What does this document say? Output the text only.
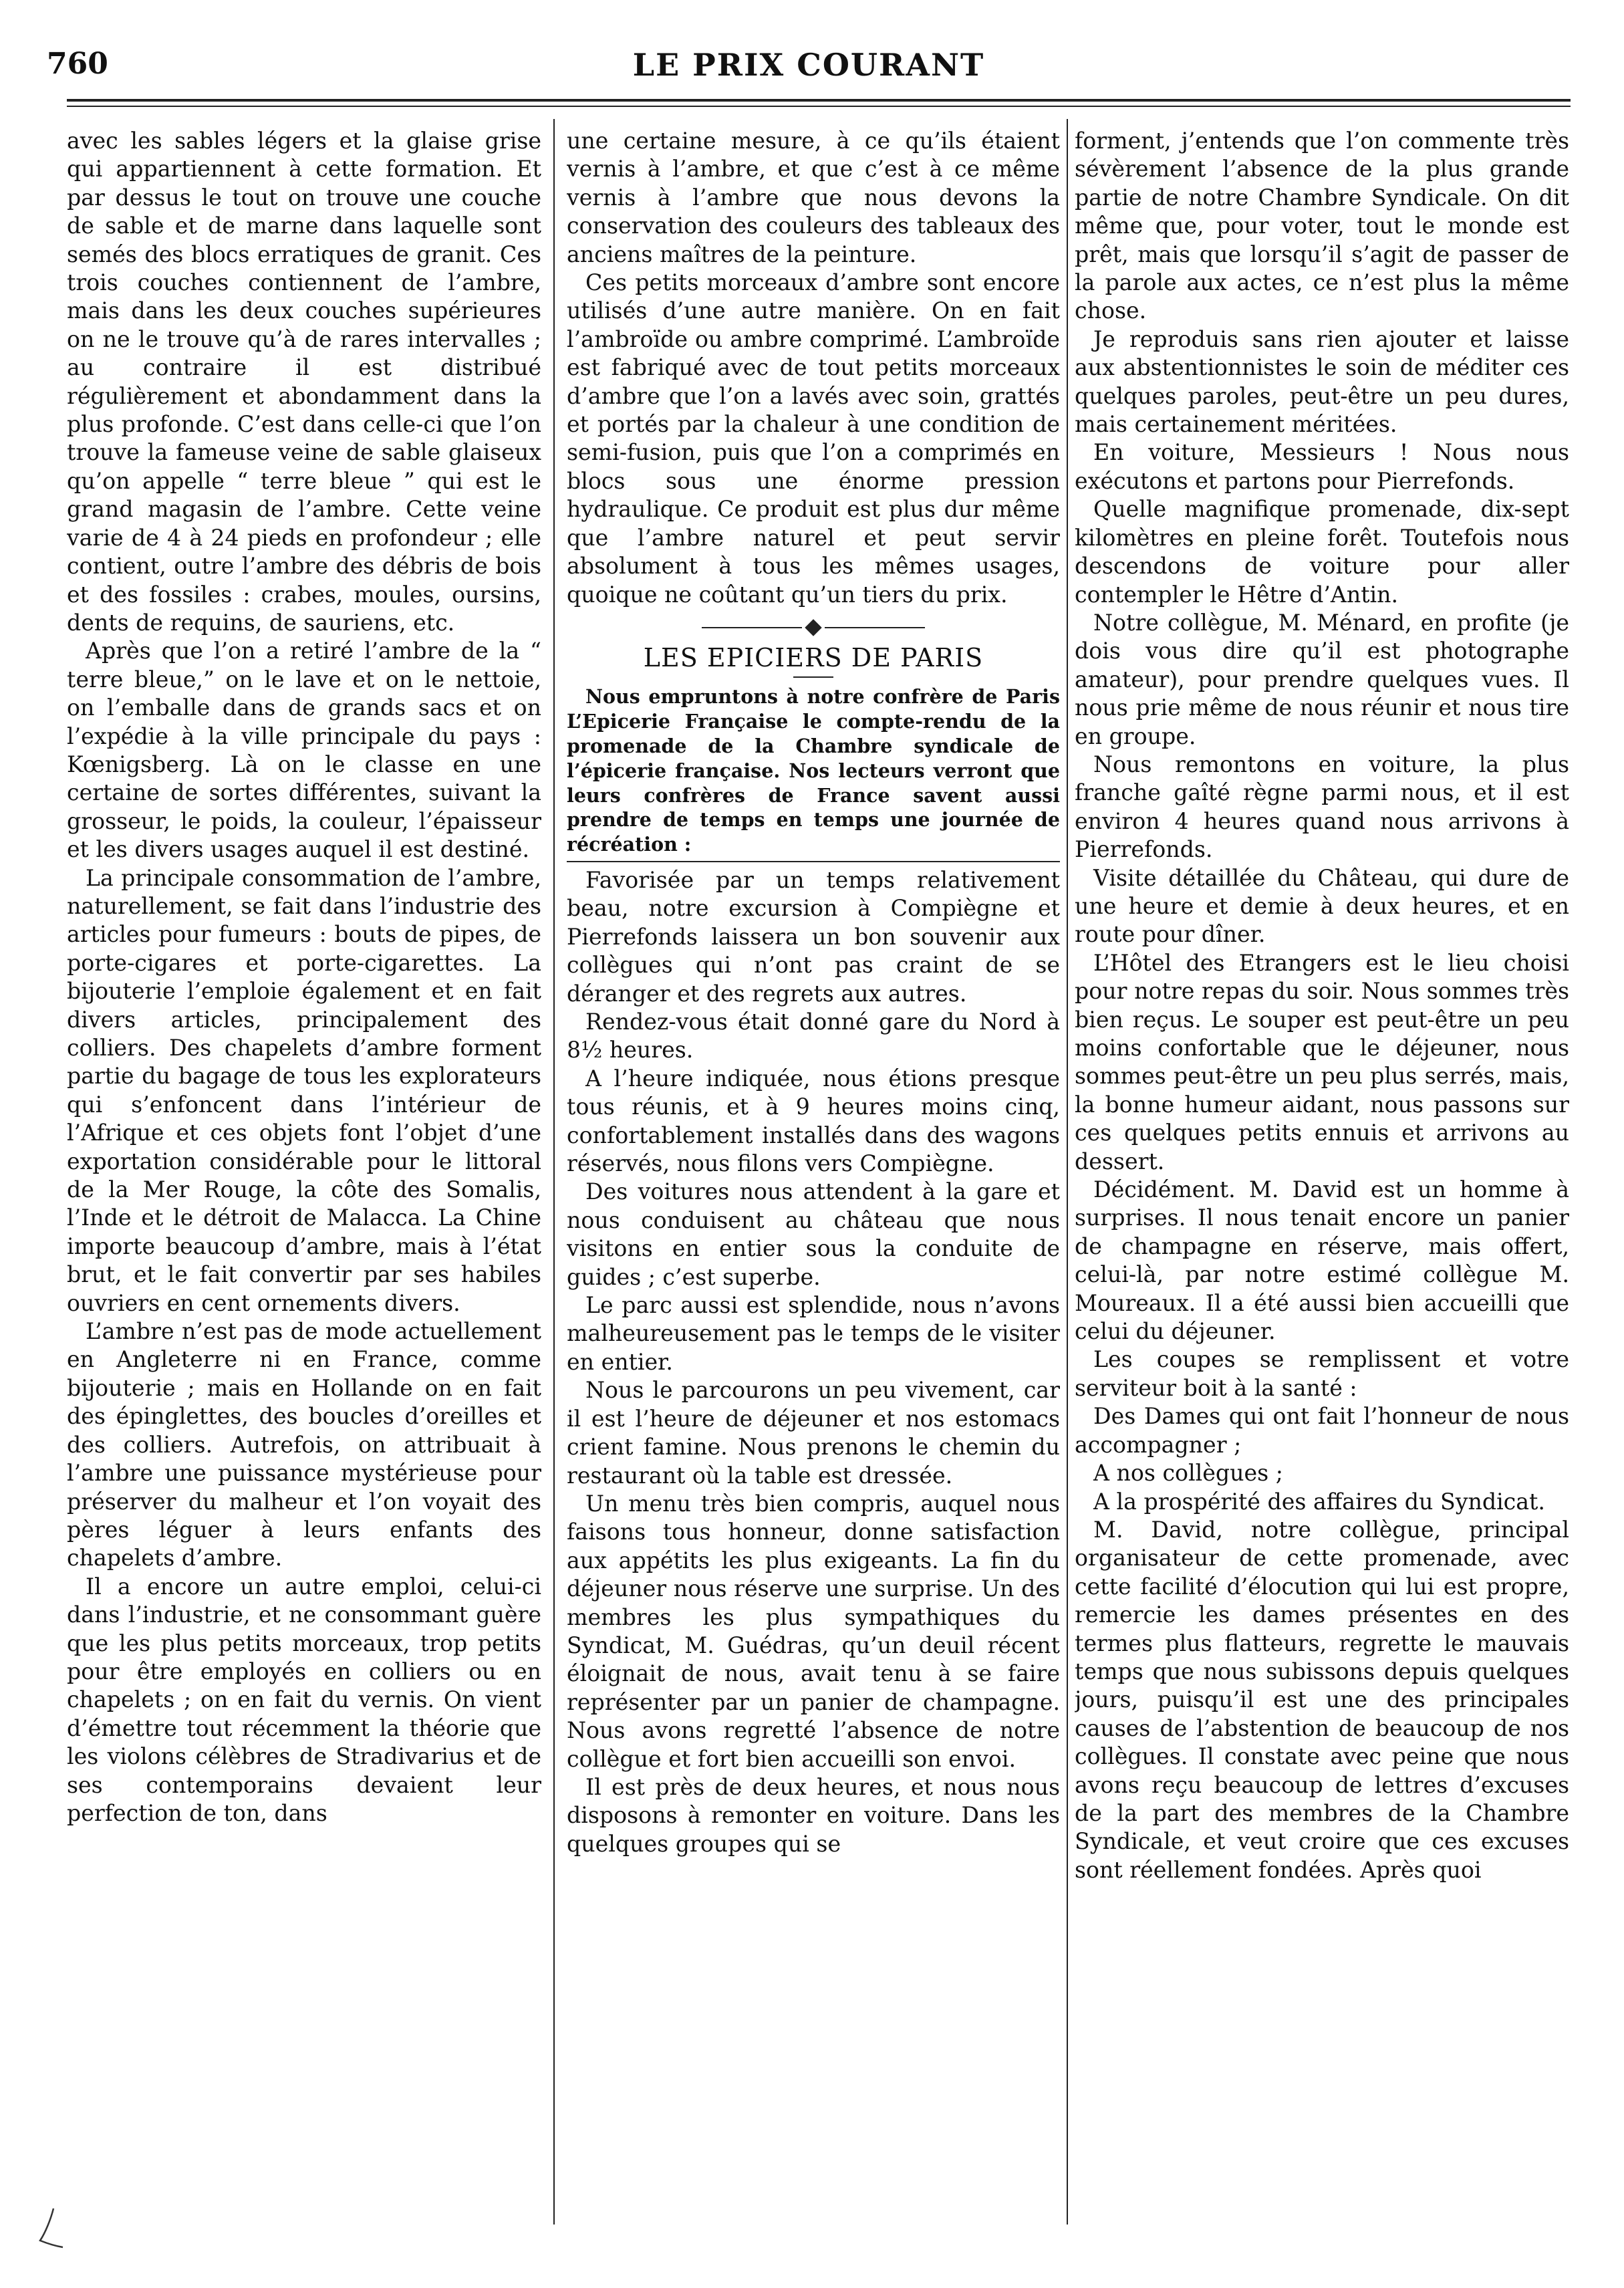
760	LE PRIX COURANT

avec les sables légers et la glaise grise qui appartiennent à cette formation. Et par dessus le tout on trouve une couche de sable et de marne dans laquelle sont semés des blocs erratiques de granit. Ces trois couches contiennent de l’ambre, mais dans les deux couches supérieures on ne le trouve qu’à de rares intervalles ; au contraire il est distribué régulièrement et abondamment dans la plus profonde. C’est dans celle-ci que l’on trouve la fameuse veine de sable glaiseux qu’on appelle “ terre bleue ” qui est le grand magasin de l’ambre. Cette veine varie de 4 à 24 pieds en profondeur ; elle contient, outre l’ambre des débris de bois et des fossiles : crabes, moules, oursins, dents de requins, de sauriens, etc.

Après que l’on a retiré l’ambre de la “ terre bleue,” on le lave et on le nettoie, on l’emballe dans de grands sacs et on l’expédie à la ville principale du pays : Kœnigsberg. Là on le classe en une certaine de sortes différentes, suivant la grosseur, le poids, la couleur, l’épaisseur et les divers usages auquel il est destiné.

La principale consommation de l’ambre, naturellement, se fait dans l’industrie des articles pour fumeurs : bouts de pipes, de porte-cigares et porte-cigarettes. La bijouterie l’emploie également et en fait divers articles, principalement des colliers. Des chapelets d’ambre forment partie du bagage de tous les explorateurs qui s’enfoncent dans l’intérieur de l’Afrique et ces objets font l’objet d’une exportation considérable pour le littoral de la Mer Rouge, la côte des Somalis, l’Inde et le détroit de Malacca. La Chine importe beaucoup d’ambre, mais à l’état brut, et le fait convertir par ses habiles ouvriers en cent ornements divers.

L’ambre n’est pas de mode actuellement en Angleterre ni en France, comme bijouterie ; mais en Hollande on en fait des épinglettes, des boucles d’oreilles et des colliers. Autrefois, on attribuait à l’ambre une puissance mystérieuse pour préserver du malheur et l’on voyait des pères léguer à leurs enfants des chapelets d’ambre.

Il a encore un autre emploi, celui-ci dans l’industrie, et ne consommant guère que les plus petits morceaux, trop petits pour être employés en colliers ou en chapelets ; on en fait du vernis. On vient d’émettre tout récemment la théorie que les violons célèbres de Stradivarius et de ses contemporains devaient leur perfection de ton, dans

une certaine mesure, à ce qu’ils étaient vernis à l’ambre, et que c’est à ce même vernis à l’ambre que nous devons la conservation des couleurs des tableaux des anciens maîtres de la peinture.

Ces petits morceaux d’ambre sont encore utilisés d’une autre manière. On en fait l’ambroïde ou ambre comprimé. L’ambroïde est fabriqué avec de tout petits morceaux d’ambre que l’on a lavés avec soin, grattés et portés par la chaleur à une condition de semi-fusion, puis que l’on a comprimés en blocs sous une énorme pression hydraulique. Ce produit est plus dur même que l’ambre naturel et peut servir absolument à tous les mêmes usages, quoique ne coûtant qu’un tiers du prix.

LES EPICIERS DE PARIS

Nous empruntons à notre confrère de Paris L’Epicerie Française le compte-rendu de la promenade de la Chambre syndicale de l’épicerie française. Nos lecteurs verront que leurs confrères de France savent aussi prendre de temps en temps une journée de récréation :

Favorisée par un temps relativement beau, notre excursion à Compiègne et Pierrefonds laissera un bon souvenir aux collègues qui n’ont pas craint de se déranger et des regrets aux autres.

Rendez-vous était donné gare du Nord à 8½ heures.

A l’heure indiquée, nous étions presque tous réunis, et à 9 heures moins cinq, confortablement installés dans des wagons réservés, nous filons vers Compiègne.

Des voitures nous attendent à la gare et nous conduisent au château que nous visitons en entier sous la conduite de guides ; c’est superbe.

Le parc aussi est splendide, nous n’avons malheureusement pas le temps de le visiter en entier.

Nous le parcourons un peu vivement, car il est l’heure de déjeuner et nos estomacs crient famine. Nous prenons le chemin du restaurant où la table est dressée.

Un menu très bien compris, auquel nous faisons tous honneur, donne satisfaction aux appétits les plus exigeants. La fin du déjeuner nous réserve une surprise. Un des membres les plus sympathiques du Syndicat, M. Guédras, qu’un deuil récent éloignait de nous, avait tenu à se faire représenter par un panier de champagne. Nous avons regretté l’absence de notre collègue et fort bien accueilli son envoi.

Il est près de deux heures, et nous nous disposons à remonter en voiture. Dans les quelques groupes qui se

forment, j’entends que l’on commente très sévèrement l’absence de la plus grande partie de notre Chambre Syndicale. On dit même que, pour voter, tout le monde est prêt, mais que lorsqu’il s’agit de passer de la parole aux actes, ce n’est plus la même chose.

Je reproduis sans rien ajouter et laisse aux abstentionnistes le soin de méditer ces quelques paroles, peut-être un peu dures, mais certainement méritées.

En voiture, Messieurs ! Nous nous exécutons et partons pour Pierrefonds.

Quelle magnifique promenade, dix-sept kilomètres en pleine forêt. Toutefois nous descendons de voiture pour aller contempler le Hêtre d’Antin.

Notre collègue, M. Ménard, en profite (je dois vous dire qu’il est photographe amateur), pour prendre quelques vues. Il nous prie même de nous réunir et nous tire en groupe.

Nous remontons en voiture, la plus franche gaîté règne parmi nous, et il est environ 4 heures quand nous arrivons à Pierrefonds.

Visite détaillée du Château, qui dure de une heure et demie à deux heures, et en route pour dîner.

L’Hôtel des Etrangers est le lieu choisi pour notre repas du soir. Nous sommes très bien reçus. Le souper est peut-être un peu moins confortable que le déjeuner, nous sommes peut-être un peu plus serrés, mais, la bonne humeur aidant, nous passons sur ces quelques petits ennuis et arrivons au dessert.

Décidément. M. David est un homme à surprises. Il nous tenait encore un panier de champagne en réserve, mais offert, celui-là, par notre estimé collègue M. Moureaux. Il a été aussi bien accueilli que celui du déjeuner.

Les coupes se remplissent et votre serviteur boit à la santé :

Des Dames qui ont fait l’honneur de nous accompagner ;

A nos collègues ;

A la prospérité des affaires du Syndicat.

M. David, notre collègue, principal organisateur de cette promenade, avec cette facilité d’élocution qui lui est propre, remercie les dames présentes en des termes plus flatteurs, regrette le mauvais temps que nous subissons depuis quelques jours, puisqu’il est une des principales causes de l’abstention de beaucoup de nos collègues. Il constate avec peine que nous avons reçu beaucoup de lettres d’excuses de la part des membres de la Chambre Syndicale, et veut croire que ces excuses sont réellement fondées. Après quoi
